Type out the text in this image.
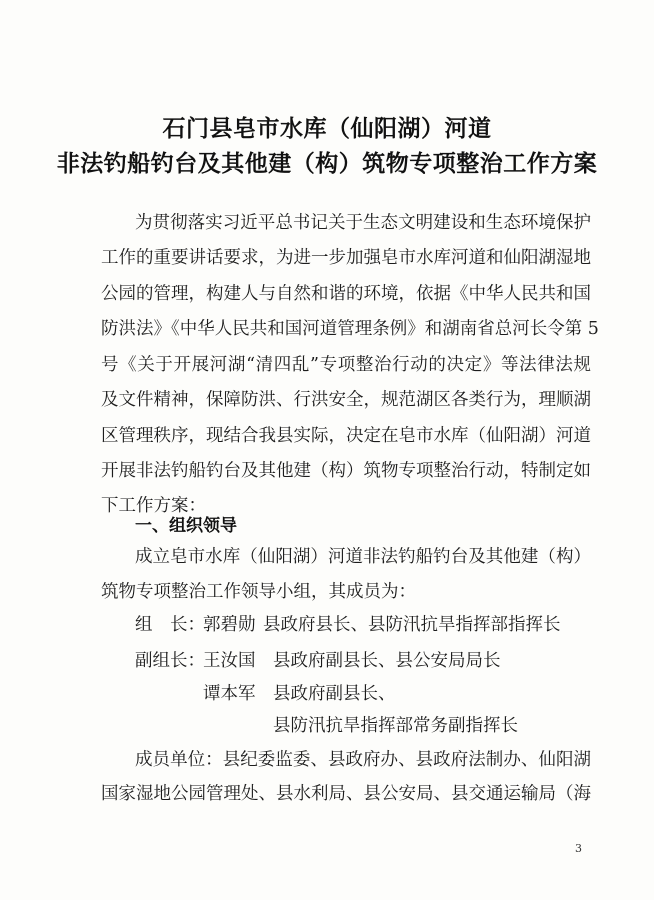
石门县皂市水库（仙阳湖）河道
非法钓船钓台及其他建（构）筑物专项整治工作方案
为贯彻落实习近平总书记关于生态文明建设和生态环境保护
工作的重要讲话要求，为进一步加强皂市水库河道和仙阳湖湿地
公园的管理，构建人与自然和谐的环境，依据《中华人民共和国
防洪法》《中华人民共和国河道管理条例》和湖南省总河长令第 5
号《关于开展河湖“清四乱”专项整治行动的决定》等法律法规
及文件精神，保障防洪、行洪安全，规范湖区各类行为，理顺湖
区管理秩序，现结合我县实际，决定在皂市水库（仙阳湖）河道
开展非法钓船钓台及其他建（构）筑物专项整治行动，特制定如
下工作方案：
一、组织领导
成立皂市水库（仙阳湖）河道非法钓船钓台及其他建（构）
筑物专项整治工作领导小组，其成员为：
组　长：
郭碧勋 县政府县长、县防汛抗旱指挥部指挥长
副组长：
王汝国 县政府副县长、县公安局局长
谭本军 县政府副县长、
县防汛抗旱指挥部常务副指挥长
成员单位：县纪委监委、县政府办、县政府法制办、仙阳湖
国家湿地公园管理处、县水利局、县公安局、县交通运输局（海
3
